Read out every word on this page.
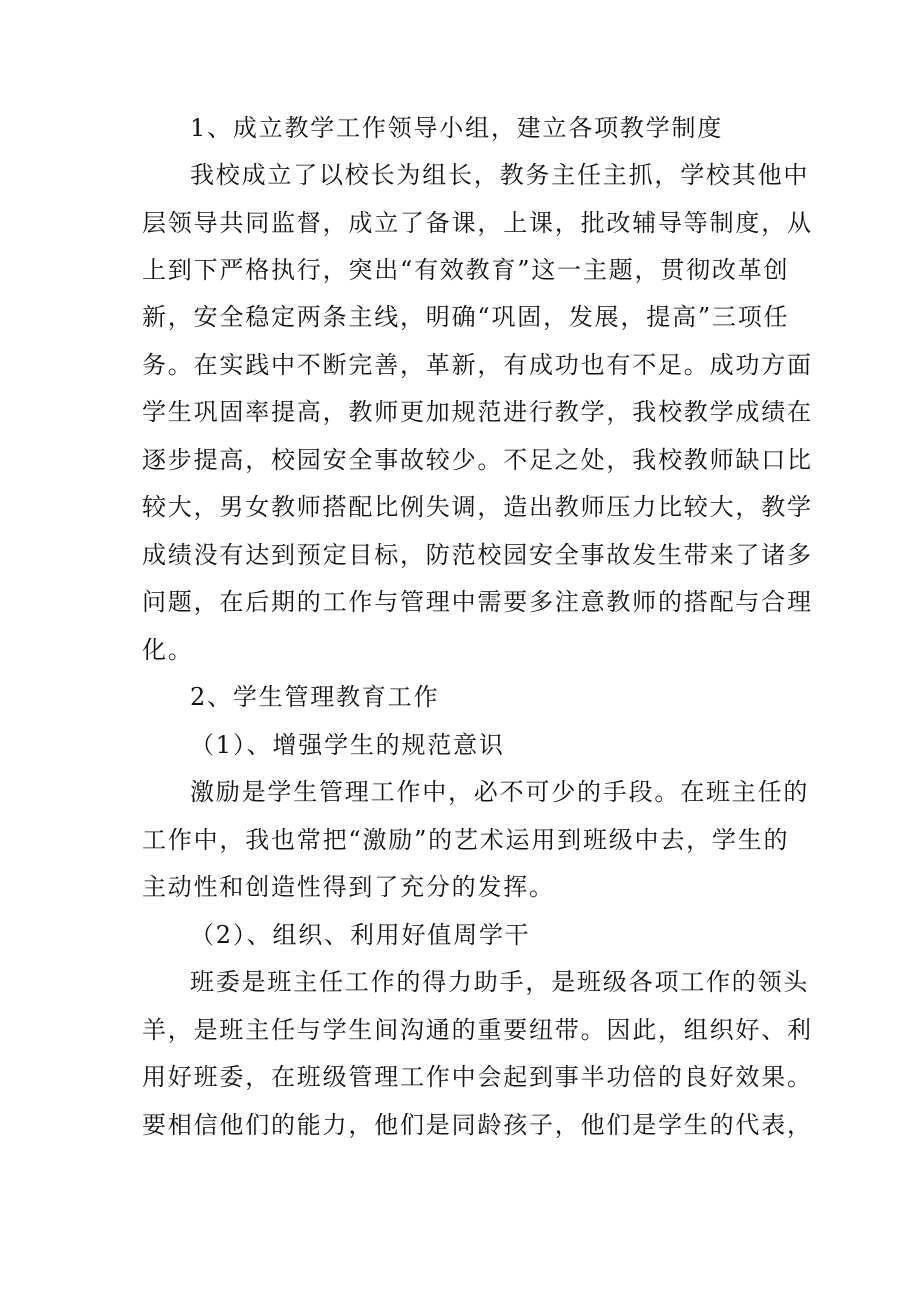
1、成立教学工作领导小组，建立各项教学制度
我校成立了以校长为组长，教务主任主抓，学校其他中
层领导共同监督，成立了备课，上课，批改辅导等制度，从
上到下严格执行，突出“有效教育”这一主题，贯彻改革创
新，安全稳定两条主线，明确“巩固，发展，提高”三项任
务。在实践中不断完善，革新，有成功也有不足。成功方面
学生巩固率提高，教师更加规范进行教学，我校教学成绩在
逐步提高，校园安全事故较少。不足之处，我校教师缺口比
较大，男女教师搭配比例失调，造出教师压力比较大，教学
成绩没有达到预定目标，防范校园安全事故发生带来了诸多
问题，在后期的工作与管理中需要多注意教师的搭配与合理
化。
2、学生管理教育工作
（1）、增强学生的规范意识
激励是学生管理工作中，必不可少的手段。在班主任的
工作中，我也常把“激励”的艺术运用到班级中去，学生的
主动性和创造性得到了充分的发挥。
（2）、组织、利用好值周学干
班委是班主任工作的得力助手，是班级各项工作的领头
羊，是班主任与学生间沟通的重要纽带。因此，组织好、利
用好班委，在班级管理工作中会起到事半功倍的良好效果。
要相信他们的能力，他们是同龄孩子，他们是学生的代表，
